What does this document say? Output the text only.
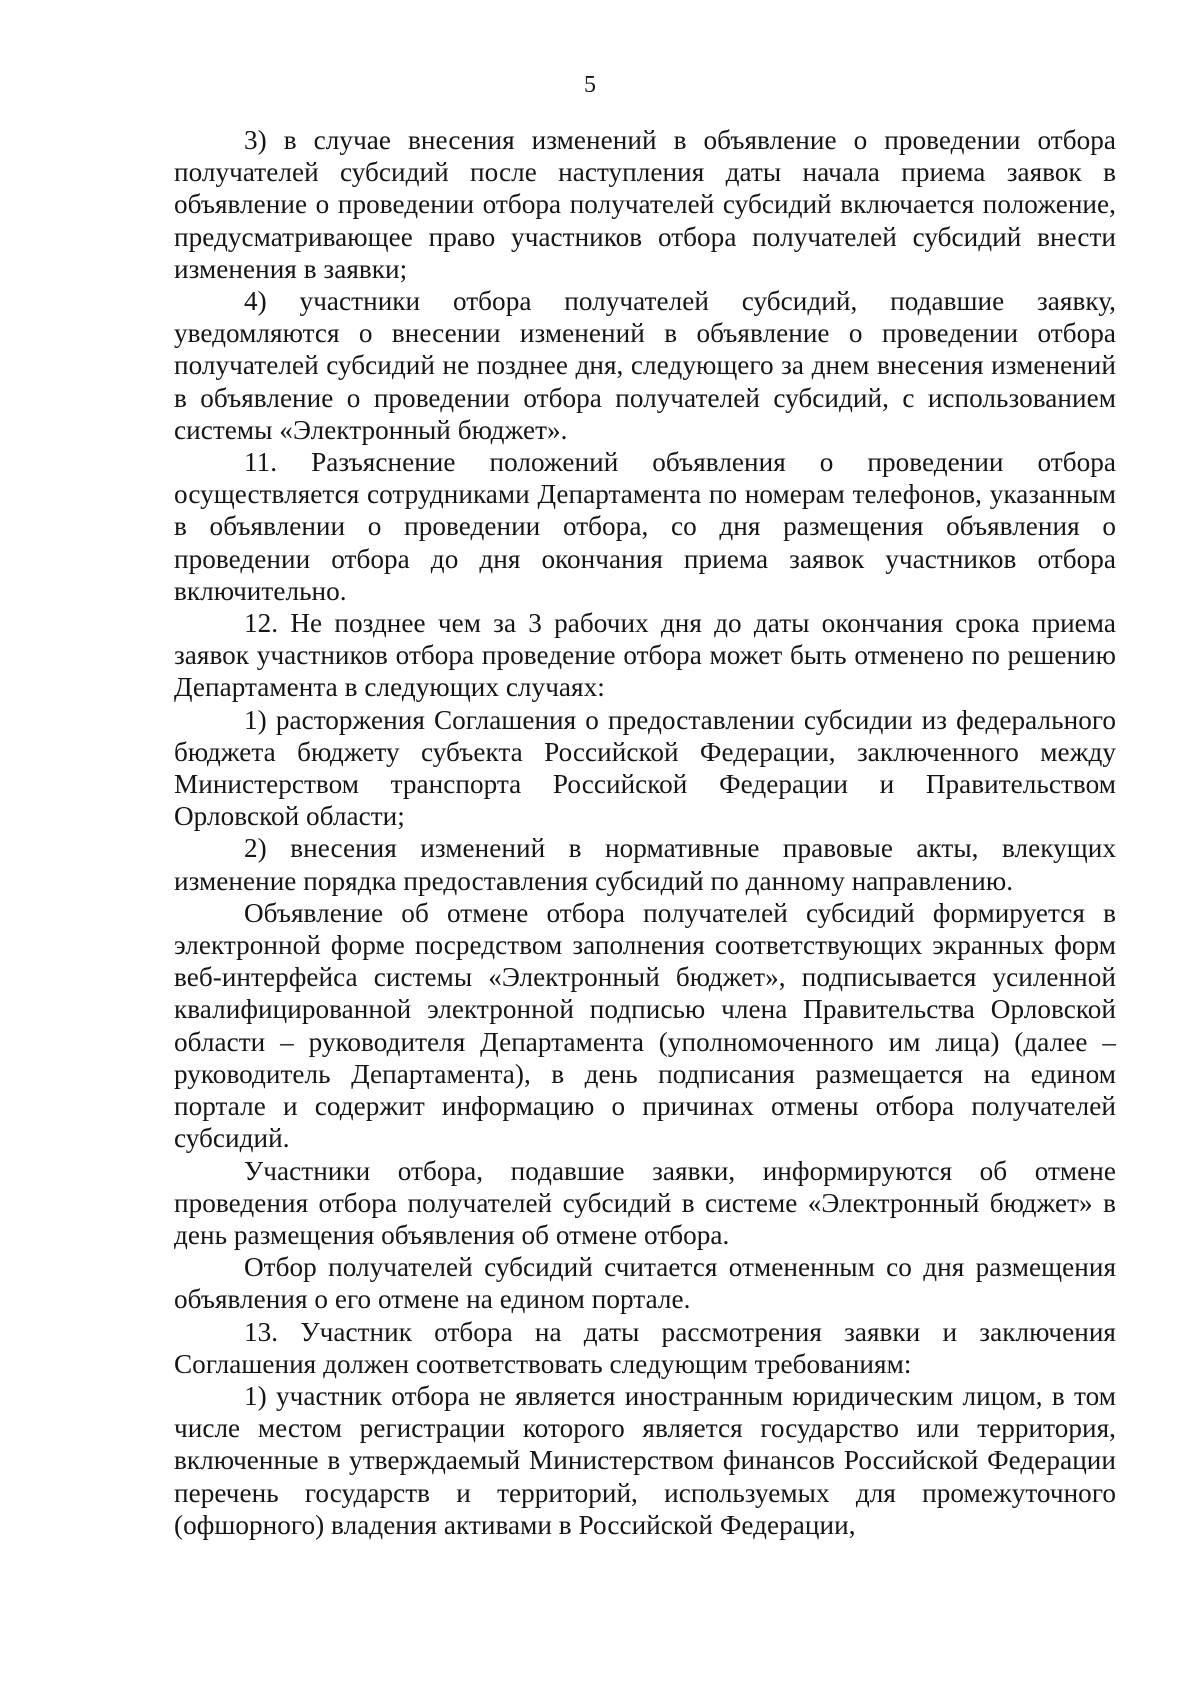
5

3) в случае внесения изменений в объявление о проведении отбора получателей субсидий после наступления даты начала приема заявок в объявление о проведении отбора получателей субсидий включается положение, предусматривающее право участников отбора получателей субсидий внести изменения в заявки;

4) участники отбора получателей субсидий, подавшие заявку, уведомляются о внесении изменений в объявление о проведении отбора получателей субсидий не позднее дня, следующего за днем внесения изменений в объявление о проведении отбора получателей субсидий, с использованием системы «Электронный бюджет».

11. Разъяснение положений объявления о проведении отбора осуществляется сотрудниками Департамента по номерам телефонов, указанным в объявлении о проведении отбора, со дня размещения объявления о проведении отбора до дня окончания приема заявок участников отбора включительно.

12. Не позднее чем за 3 рабочих дня до даты окончания срока приема заявок участников отбора проведение отбора может быть отменено по решению Департамента в следующих случаях:

1) расторжения Соглашения о предоставлении субсидии из федерального бюджета бюджету субъекта Российской Федерации, заключенного между Министерством транспорта Российской Федерации и Правительством Орловской области;

2) внесения изменений в нормативные правовые акты, влекущих изменение порядка предоставления субсидий по данному направлению.

Объявление об отмене отбора получателей субсидий формируется в электронной форме посредством заполнения соответствующих экранных форм веб-интерфейса системы «Электронный бюджет», подписывается усиленной квалифицированной электронной подписью члена Правительства Орловской области – руководителя Департамента (уполномоченного им лица) (далее – руководитель Департамента), в день подписания размещается на едином портале и содержит информацию о причинах отмены отбора получателей субсидий.

Участники отбора, подавшие заявки, информируются об отмене проведения отбора получателей субсидий в системе «Электронный бюджет» в день размещения объявления об отмене отбора.

Отбор получателей субсидий считается отмененным со дня размещения объявления о его отмене на едином портале.

13. Участник отбора на даты рассмотрения заявки и заключения Соглашения должен соответствовать следующим требованиям:

1) участник отбора не является иностранным юридическим лицом, в том числе местом регистрации которого является государство или территория, включенные в утверждаемый Министерством финансов Российской Федерации перечень государств и территорий, используемых для промежуточного (офшорного) владения активами в Российской Федерации,
